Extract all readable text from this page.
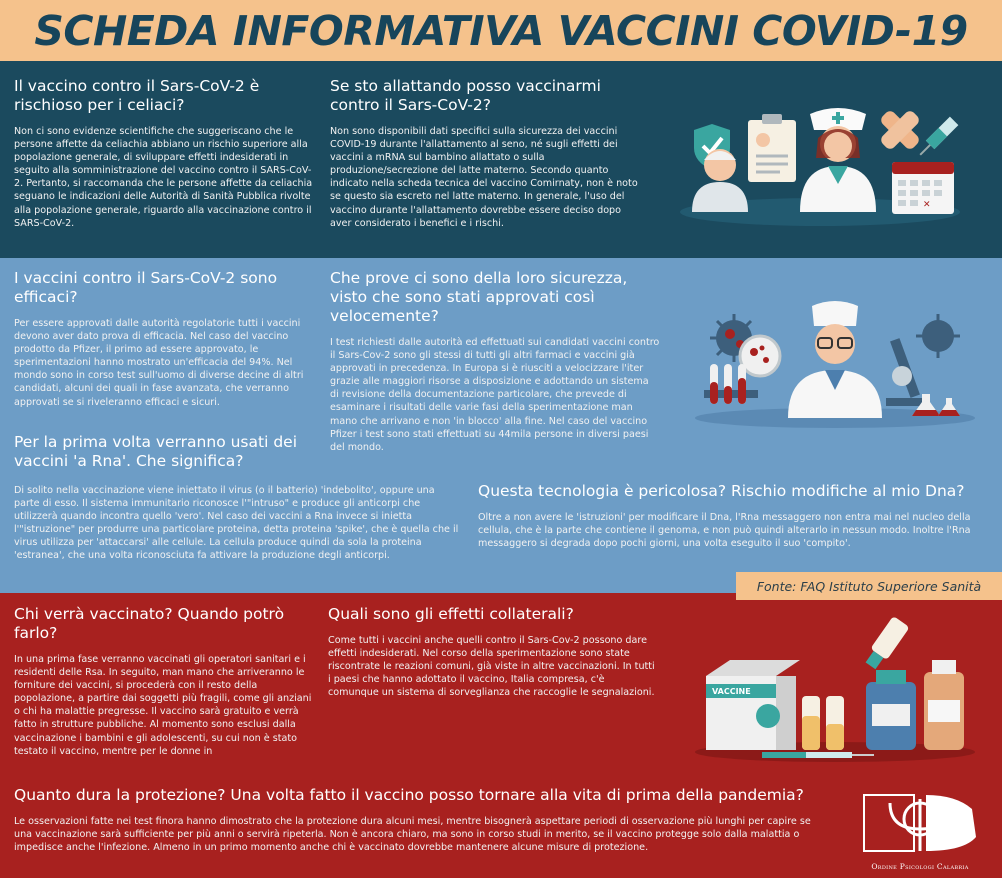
SCHEDA INFORMATIVA VACCINI COVID-19
Il vaccino contro il Sars-CoV-2 è rischioso per i celiaci?

Non ci sono evidenze scientifiche che suggeriscano che le persone affette da celiachia abbiano un rischio superiore alla popolazione generale, di sviluppare effetti indesiderati in seguito alla somministrazione del vaccino contro il SARS-CoV-2. Pertanto, si raccomanda che le persone affette da celiachia seguano le indicazioni delle Autorità di Sanità Pubblica rivolte alla popolazione generale, riguardo alla vaccinazione contro il SARS-CoV-2.

Se sto allattando posso vaccinarmi contro il Sars-CoV-2?

Non sono disponibili dati specifici sulla sicurezza dei vaccini COVID-19 durante l'allattamento al seno, né sugli effetti dei vaccini a mRNA sul bambino allattato o sulla produzione/secrezione del latte materno. Secondo quanto indicato nella scheda tecnica del vaccino Comirnaty, non è noto se questo sia escreto nel latte materno. In generale, l'uso del vaccino durante l'allattamento dovrebbe essere deciso dopo aver considerato i benefici e i rischi.

✕
I vaccini contro il Sars-CoV-2 sono efficaci?

Per essere approvati dalle autorità regolatorie tutti i vaccini devono aver dato prova di efficacia. Nel caso del vaccino prodotto da Pfizer, il primo ad essere approvato, le sperimentazioni hanno mostrato un'efficacia del 94%. Nel mondo sono in corso test sull'uomo di diverse decine di altri candidati, alcuni dei quali in fase avanzata, che verranno approvati se si riveleranno efficaci e sicuri.

Che prove ci sono della loro sicurezza, visto che sono stati approvati così velocemente?

I test richiesti dalle autorità ed effettuati sui candidati vaccini contro il Sars-Cov-2 sono gli stessi di tutti gli altri farmaci e vaccini già approvati in precedenza. In Europa si è riusciti a velocizzare l'iter grazie alle maggiori risorse a disposizione e adottando un sistema di revisione della documentazione particolare, che prevede di esaminare i risultati delle varie fasi della sperimentazione man mano che arrivano e non 'in blocco' alla fine. Nel caso del vaccino Pfizer i test sono stati effettuati su 44mila persone in diversi paesi del mondo.

Per la prima volta verranno usati dei vaccini 'a Rna'. Che significa?

Di solito nella vaccinazione viene iniettato il virus (o il batterio) 'indebolito', oppure una parte di esso. Il sistema immunitario riconosce l'"intruso" e produce gli anticorpi che utilizzerà quando incontra quello 'vero'. Nel caso dei vaccini a Rna invece si inietta l'"istruzione" per produrre una particolare proteina, detta proteina 'spike', che è quella che il virus utilizza per 'attaccarsi' alle cellule. La cellula produce quindi da sola la proteina 'estranea', che una volta riconosciuta fa attivare la produzione degli anticorpi.

Questa tecnologia è pericolosa? Rischio modifiche al mio Dna?

Oltre a non avere le 'istruzioni' per modificare il Dna, l'Rna messaggero non entra mai nel nucleo della cellula, che è la parte che contiene il genoma, e non può quindi alterarlo in nessun modo. Inoltre l'Rna messaggero si degrada dopo pochi giorni, una volta eseguito il suo 'compito'.

Fonte: FAQ Istituto Superiore Sanità
Chi verrà vaccinato? Quando potrò farlo?

In una prima fase verranno vaccinati gli operatori sanitari e i residenti delle Rsa. In seguito, man mano che arriveranno le forniture dei vaccini, si procederà con il resto della popolazione, a partire dai soggetti più fragili, come gli anziani o chi ha malattie pregresse. Il vaccino sarà gratuito e verrà fatto in strutture pubbliche. Al momento sono esclusi dalla vaccinazione i bambini e gli adolescenti, su cui non è stato testato il vaccino, mentre per le donne in

Quali sono gli effetti collaterali?

Come tutti i vaccini anche quelli contro il Sars-Cov-2 possono dare effetti indesiderati. Nel corso della sperimentazione sono state riscontrate le reazioni comuni, già viste in altre vaccinazioni. In tutti i paesi che hanno adottato il vaccino, Italia compresa, c'è comunque un sistema di sorveglianza che raccoglie le segnalazioni.	VACCINE
Quanto dura la protezione? Una volta fatto il vaccino posso tornare alla vita di prima della pandemia?

Le osservazioni fatte nei test finora hanno dimostrato che la protezione dura alcuni mesi, mentre bisognerà aspettare periodi di osservazione più lunghi per capire se una vaccinazione sarà sufficiente per più anni o servirà ripeterla. Non è ancora chiaro, ma sono in corso studi in merito, se il vaccino protegge solo dalla malattia o impedisce anche l'infezione. Almeno in un primo momento anche chi è vaccinato dovrebbe mantenere alcune misure di protezione.

Ordine Psicologi Calabria
